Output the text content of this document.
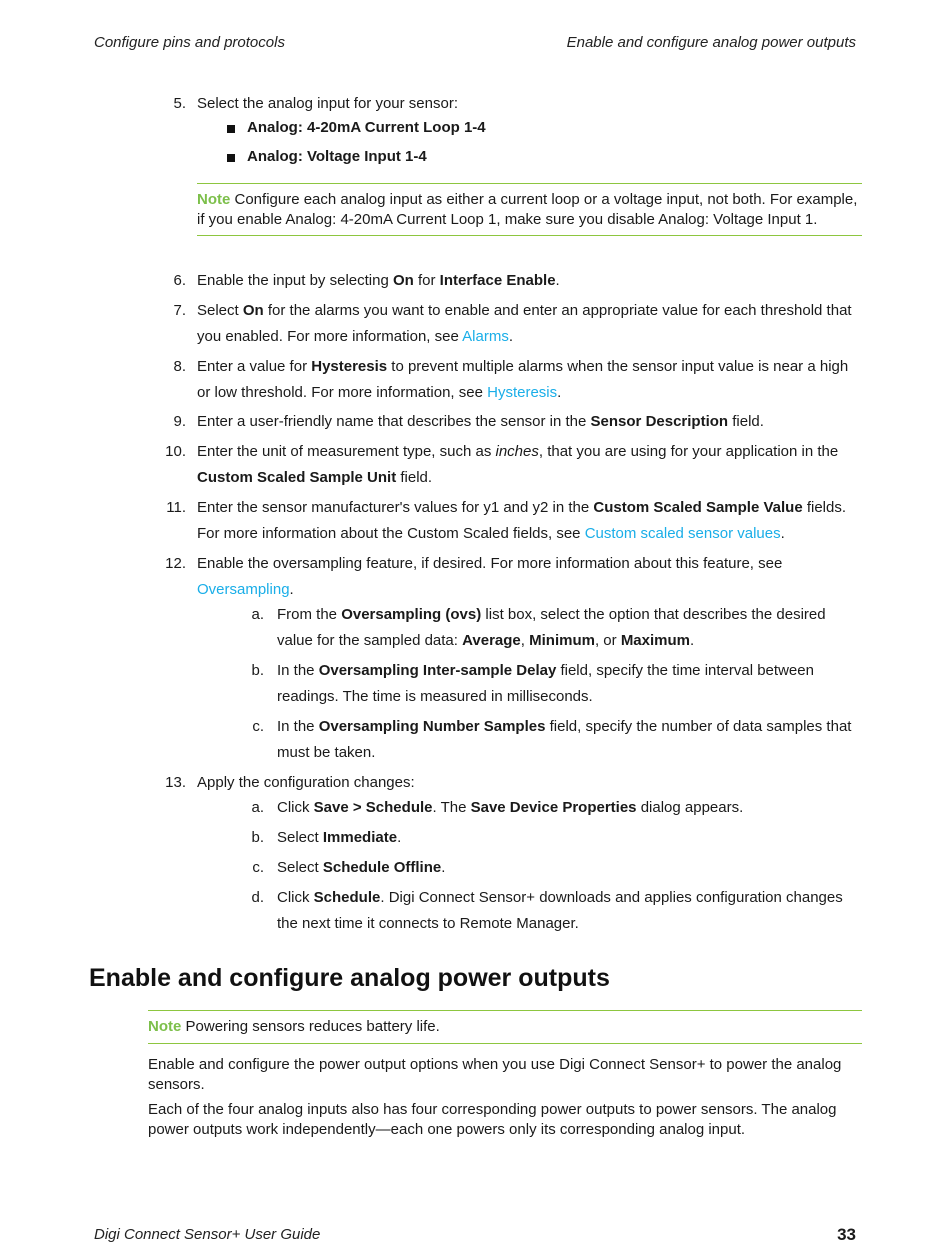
Configure pins and protocols	Enable and configure analog power outputs
5. Select the analog input for your sensor:
Analog: 4-20mA Current Loop 1-4
Analog: Voltage Input 1-4
Note Configure each analog input as either a current loop or a voltage input, not both. For example, if you enable Analog: 4-20mA Current Loop 1, make sure you disable Analog: Voltage Input 1.
6. Enable the input by selecting On for Interface Enable.
7. Select On for the alarms you want to enable and enter an appropriate value for each threshold that you enabled. For more information, see Alarms.
8. Enter a value for Hysteresis to prevent multiple alarms when the sensor input value is near a high or low threshold. For more information, see Hysteresis.
9. Enter a user-friendly name that describes the sensor in the Sensor Description field.
10. Enter the unit of measurement type, such as inches, that you are using for your application in the Custom Scaled Sample Unit field.
11. Enter the sensor manufacturer's values for y1 and y2 in the Custom Scaled Sample Value fields. For more information about the Custom Scaled fields, see Custom scaled sensor values.
12. Enable the oversampling feature, if desired. For more information about this feature, see Oversampling.
a. From the Oversampling (ovs) list box, select the option that describes the desired value for the sampled data: Average, Minimum, or Maximum.
b. In the Oversampling Inter-sample Delay field, specify the time interval between readings. The time is measured in milliseconds.
c. In the Oversampling Number Samples field, specify the number of data samples that must be taken.
13. Apply the configuration changes:
a. Click Save > Schedule. The Save Device Properties dialog appears.
b. Select Immediate.
c. Select Schedule Offline.
d. Click Schedule. Digi Connect Sensor+ downloads and applies configuration changes the next time it connects to Remote Manager.
Enable and configure analog power outputs
Note Powering sensors reduces battery life.
Enable and configure the power output options when you use Digi Connect Sensor+ to power the analog sensors.
Each of the four analog inputs also has four corresponding power outputs to power sensors. The analog power outputs work independently—each one powers only its corresponding analog input.
Digi Connect Sensor+ User Guide	33
